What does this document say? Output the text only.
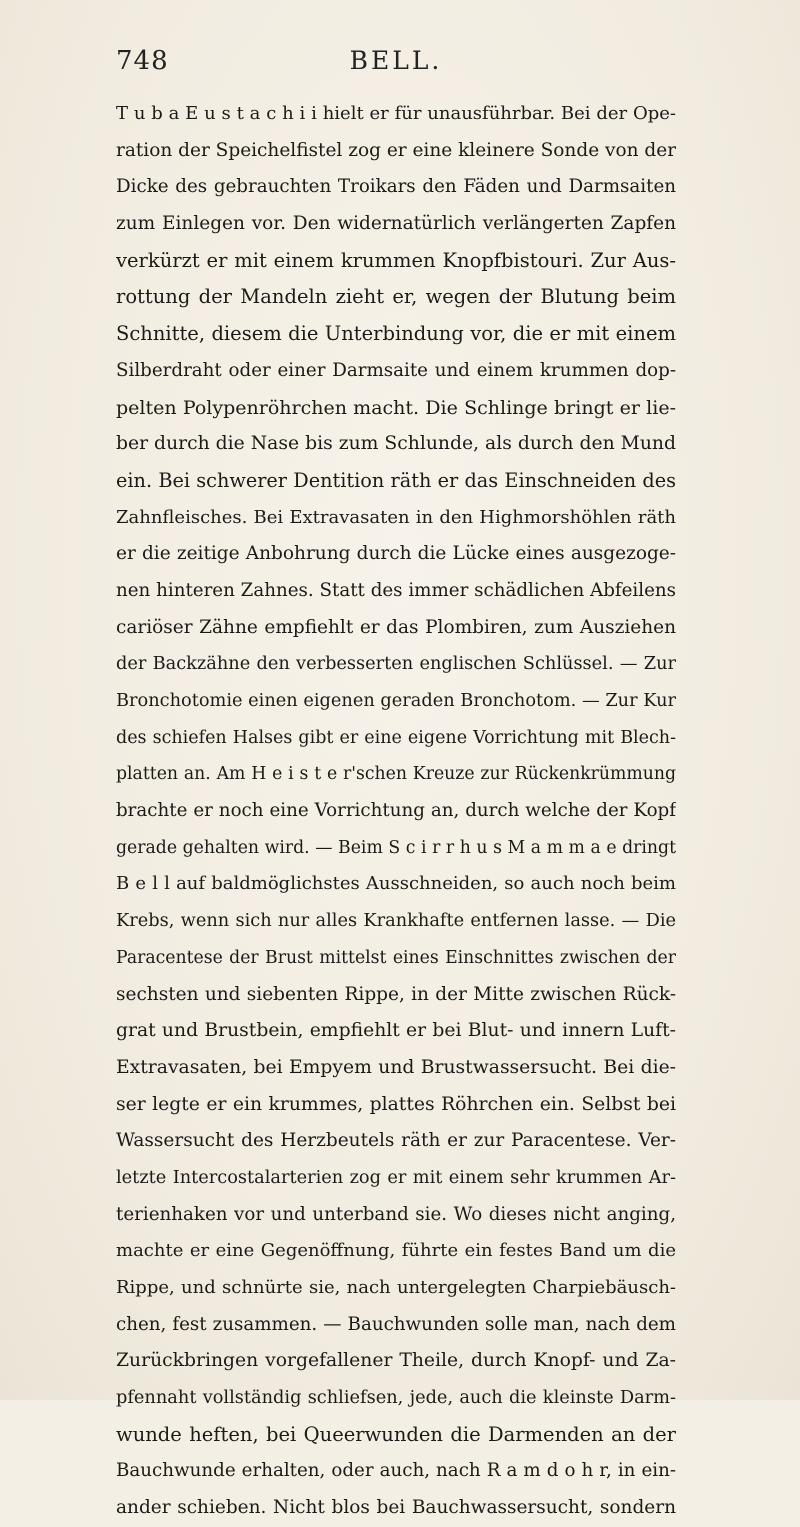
748	BELL.
T u b a E u s t a c h i i hielt er für unausführbar. Bei der Ope-
ration der Speichelfistel zog er eine kleinere Sonde von der
Dicke des gebrauchten Troikars den Fäden und Darmsaiten
zum Einlegen vor. Den widernatürlich verlängerten Zapfen
verkürzt er mit einem krummen Knopfbistouri. Zur Aus-
rottung der Mandeln zieht er, wegen der Blutung beim
Schnitte, diesem die Unterbindung vor, die er mit einem
Silberdraht oder einer Darmsaite und einem krummen dop-
pelten Polypenröhrchen macht. Die Schlinge bringt er lie-
ber durch die Nase bis zum Schlunde, als durch den Mund
ein. Bei schwerer Dentition räth er das Einschneiden des
Zahnfleisches. Bei Extravasaten in den Highmorshöhlen räth
er die zeitige Anbohrung durch die Lücke eines ausgezoge-
nen hinteren Zahnes. Statt des immer schädlichen Abfeilens
cariöser Zähne empfiehlt er das Plombiren, zum Ausziehen
der Backzähne den verbesserten englischen Schlüssel. — Zur
Bronchotomie einen eigenen geraden Bronchotom. — Zur Kur
des schiefen Halses gibt er eine eigene Vorrichtung mit Blech-
platten an. Am H e i s t e r'schen Kreuze zur Rückenkrümmung
brachte er noch eine Vorrichtung an, durch welche der Kopf
gerade gehalten wird. — Beim S c i r r h u s M a m m a e dringt
B e l l auf baldmöglichstes Ausschneiden, so auch noch beim
Krebs, wenn sich nur alles Krankhafte entfernen lasse. — Die
Paracentese der Brust mittelst eines Einschnittes zwischen der
sechsten und siebenten Rippe, in der Mitte zwischen Rück-
grat und Brustbein, empfiehlt er bei Blut- und innern Luft-
Extravasaten, bei Empyem und Brustwassersucht. Bei die-
ser legte er ein krummes, plattes Röhrchen ein. Selbst bei
Wassersucht des Herzbeutels räth er zur Paracentese. Ver-
letzte Intercostalarterien zog er mit einem sehr krummen Ar-
terienhaken vor und unterband sie. Wo dieses nicht anging,
machte er eine Gegenöffnung, führte ein festes Band um die
Rippe, und schnürte sie, nach untergelegten Charpiebäusch-
chen, fest zusammen. — Bauchwunden solle man, nach dem
Zurückbringen vorgefallener Theile, durch Knopf- und Za-
pfennaht vollständig schliefsen, jede, auch die kleinste Darm-
wunde heften, bei Queerwunden die Darmenden an der
Bauchwunde erhalten, oder auch, nach R a m d o h r, in ein-
ander schieben. Nicht blos bei Bauchwassersucht, sondern
